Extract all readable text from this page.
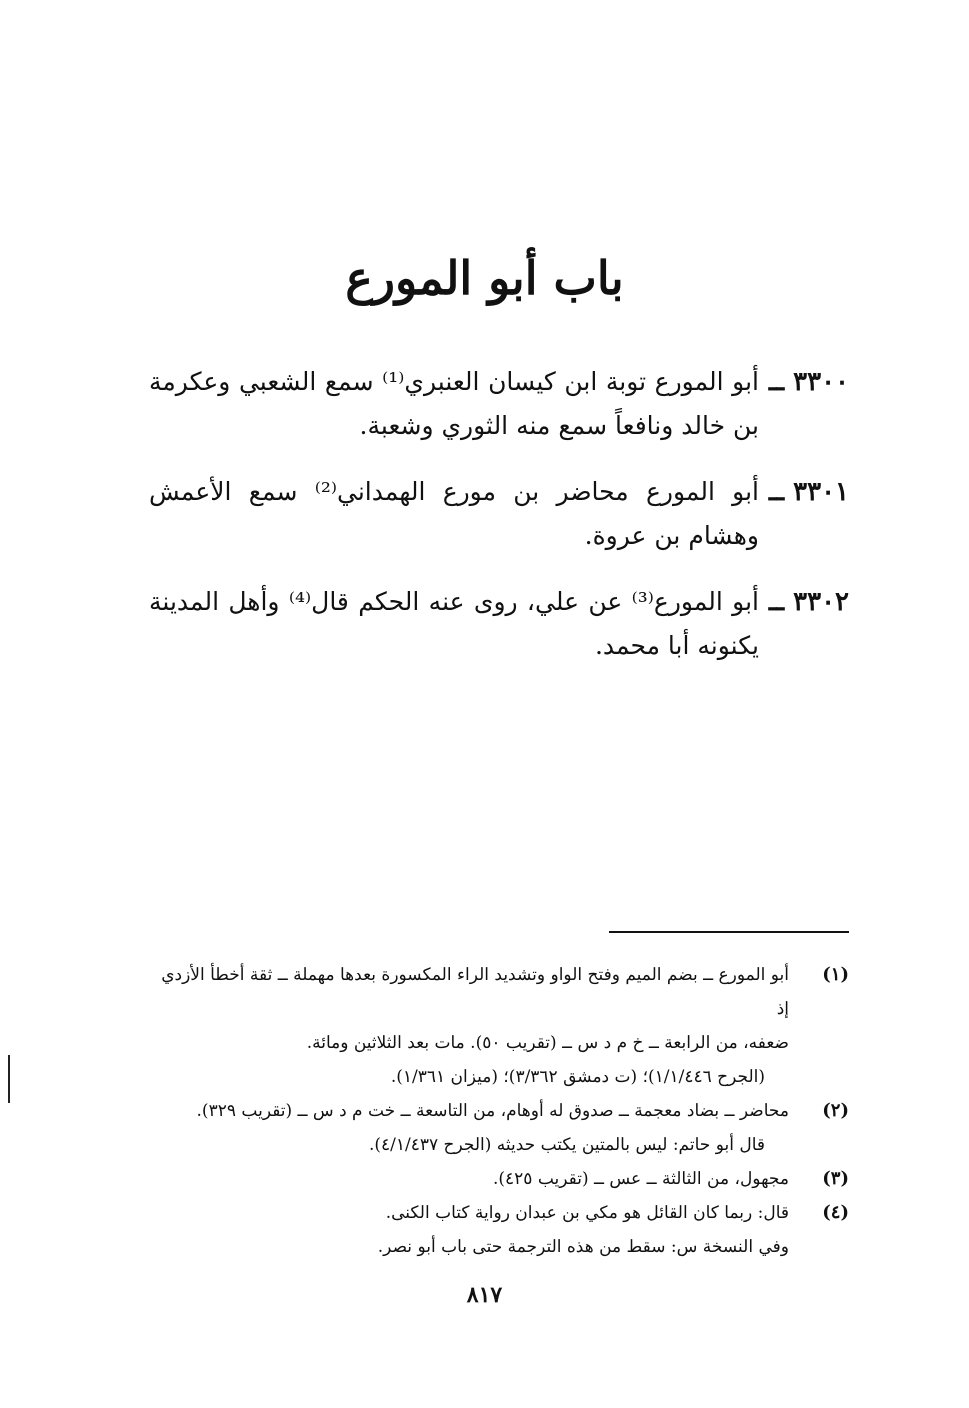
باب أبو المورع
٣٣٠٠ ــ
أبو المورع توبة ابن كيسان العنبري⁽¹⁾ سمع الشعبي وعكرمة بن خالد ونافعاً سمع منه الثوري وشعبة.
٣٣٠١ ــ
أبو المورع محاضر بن مورع الهمداني⁽²⁾ سمع الأعمش وهشام بن عروة.
٣٣٠٢ ــ
أبو المورع⁽³⁾ عن علي، روى عنه الحكم قال⁽⁴⁾ وأهل المدينة يكنونه أبا محمد.
(١)
أبو المورع ــ بضم الميم وفتح الواو وتشديد الراء المكسورة بعدها مهملة ــ ثقة أخطأ الأزدي إذ
ضعفه، من الرابعة ــ خ م د س ــ (تقريب ٥٠). مات بعد الثلاثين ومائة.
(الجرح ١/١/٤٤٦)؛ (ت دمشق ٣/٣٦٢)؛ (ميزان ١/٣٦١).
(٢)
محاضر ــ بضاد معجمة ــ صدوق له أوهام، من التاسعة ــ خت م د س ــ (تقريب ٣٢٩).
قال أبو حاتم: ليس بالمتين يكتب حديثه (الجرح ٤/١/٤٣٧).
(٣)
مجهول، من الثالثة ــ عس ــ (تقريب ٤٢٥).
(٤)
قال: ربما كان القائل هو مكي بن عبدان رواية كتاب الكنى.
وفي النسخة س: سقط من هذه الترجمة حتى باب أبو نصر.
٨١٧
